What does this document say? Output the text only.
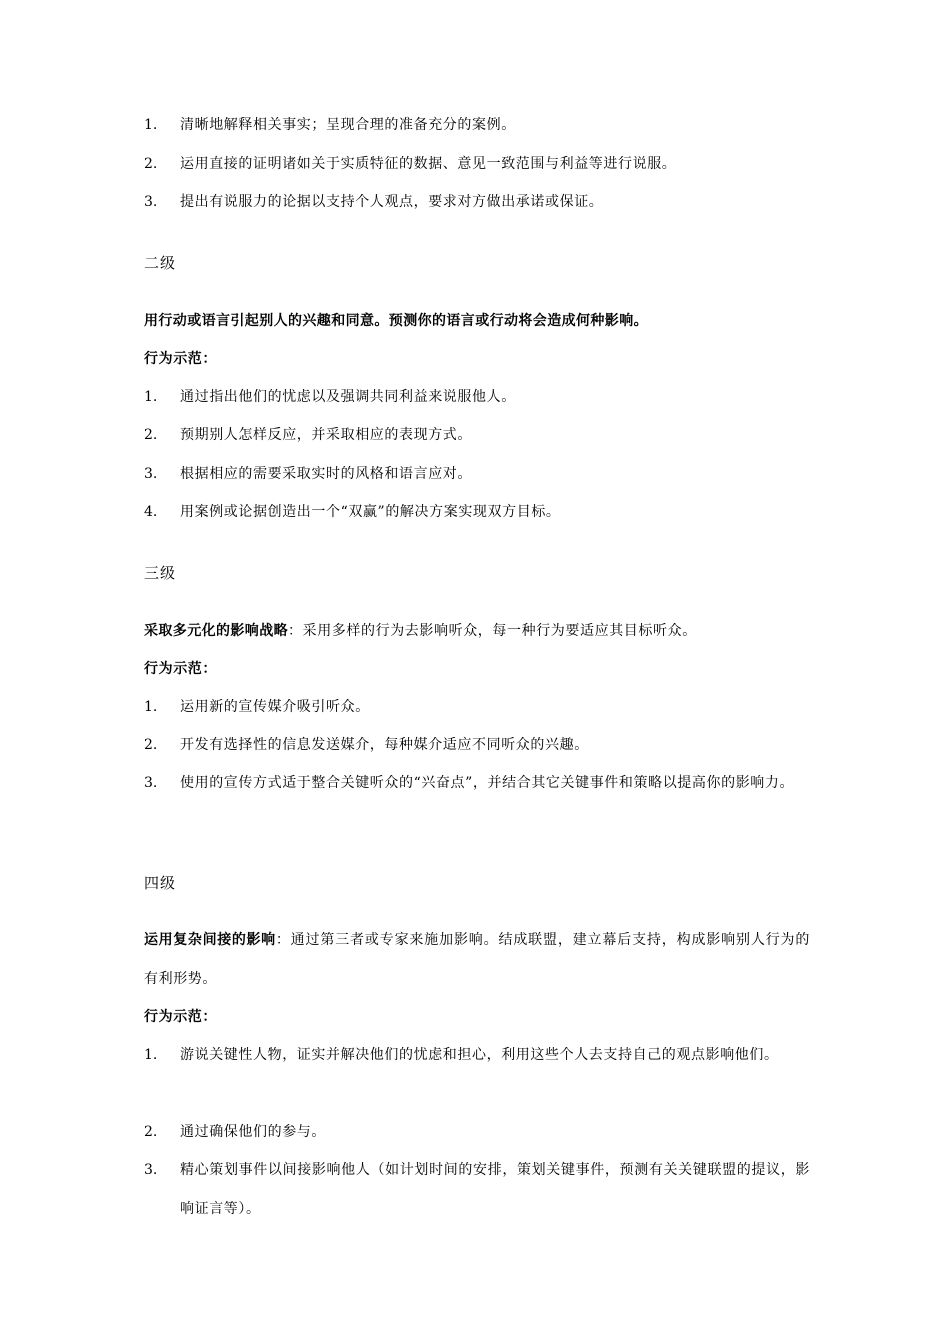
1.	清晰地解释相关事实；呈现合理的准备充分的案例。
2.	运用直接的证明诸如关于实质特征的数据、意见一致范围与利益等进行说服。
3.	提出有说服力的论据以支持个人观点，要求对方做出承诺或保证。
二级
用行动或语言引起别人的兴趣和同意。预测你的语言或行动将会造成何种影响。
行为示范：
1.	通过指出他们的忧虑以及强调共同利益来说服他人。
2.	预期别人怎样反应，并采取相应的表现方式。
3.	根据相应的需要采取实时的风格和语言应对。
4.	用案例或论据创造出一个“双赢”的解决方案实现双方目标。
三级
采取多元化的影响战略：采用多样的行为去影响听众，每一种行为要适应其目标听众。
行为示范：
1.	运用新的宣传媒介吸引听众。
2.	开发有选择性的信息发送媒介，每种媒介适应不同听众的兴趣。
3.	使用的宣传方式适于整合关键听众的“兴奋点”，并结合其它关键事件和策略以提高你的影响力。
四级
运用复杂间接的影响：通过第三者或专家来施加影响。结成联盟，建立幕后支持，构成影响别人行为的有利形势。
行为示范：
1.	游说关键性人物，证实并解决他们的忧虑和担心，利用这些个人去支持自己的观点影响他们。
2.	通过确保他们的参与。
3.	精心策划事件以间接影响他人（如计划时间的安排，策划关键事件，预测有关关键联盟的提议，影响证言等）。
